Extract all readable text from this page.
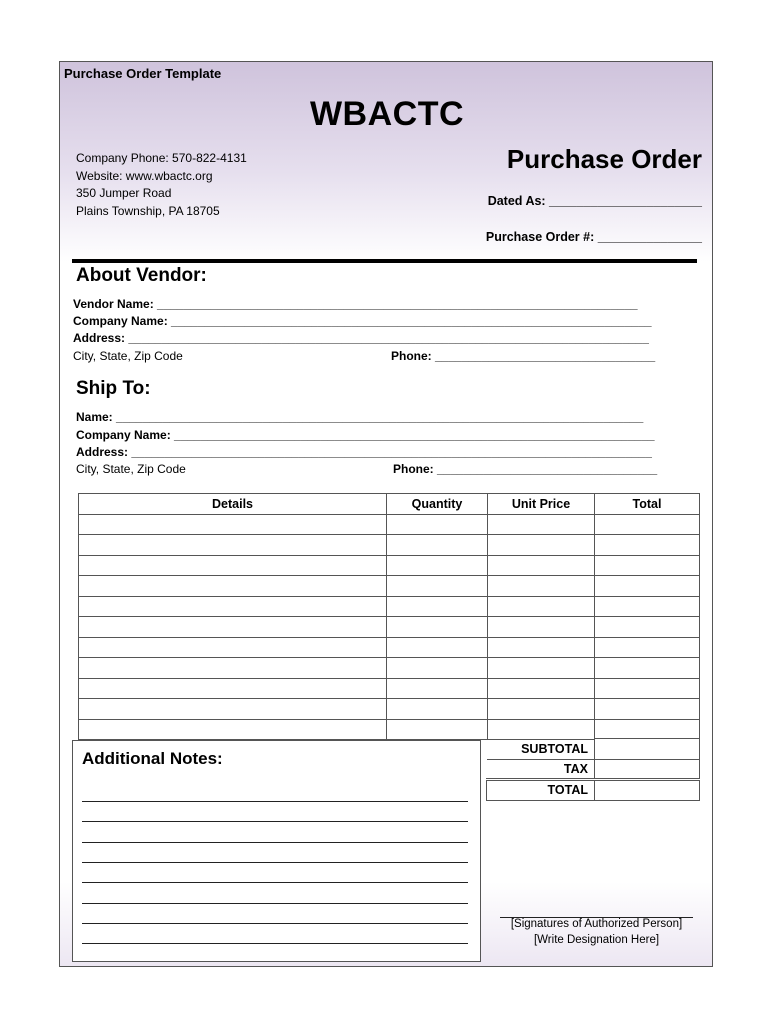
Purchase Order Template
WBACTC
Company Phone: 570-822-4131
Website: www.wbactc.org
350 Jumper Road
Plains Township, PA 18705
Purchase Order
Dated As: ______________________
Purchase Order #: _______________
About Vendor:
Vendor Name: ________________________________________________________________________
Company Name: ________________________________________________________________________
Address: ______________________________________________________________________________
City, State, Zip Code	Phone: _________________________________
Ship To:
Name: _______________________________________________________________________________
Company Name: ________________________________________________________________________
Address: ______________________________________________________________________________
City, State, Zip Code	Phone: _________________________________
Details	Quantity	Unit Price	Total

SUBTOTAL	
TAX	
TOTAL	
Additional Notes:
[Signatures of Authorized Person]
[Write Designation Here]
